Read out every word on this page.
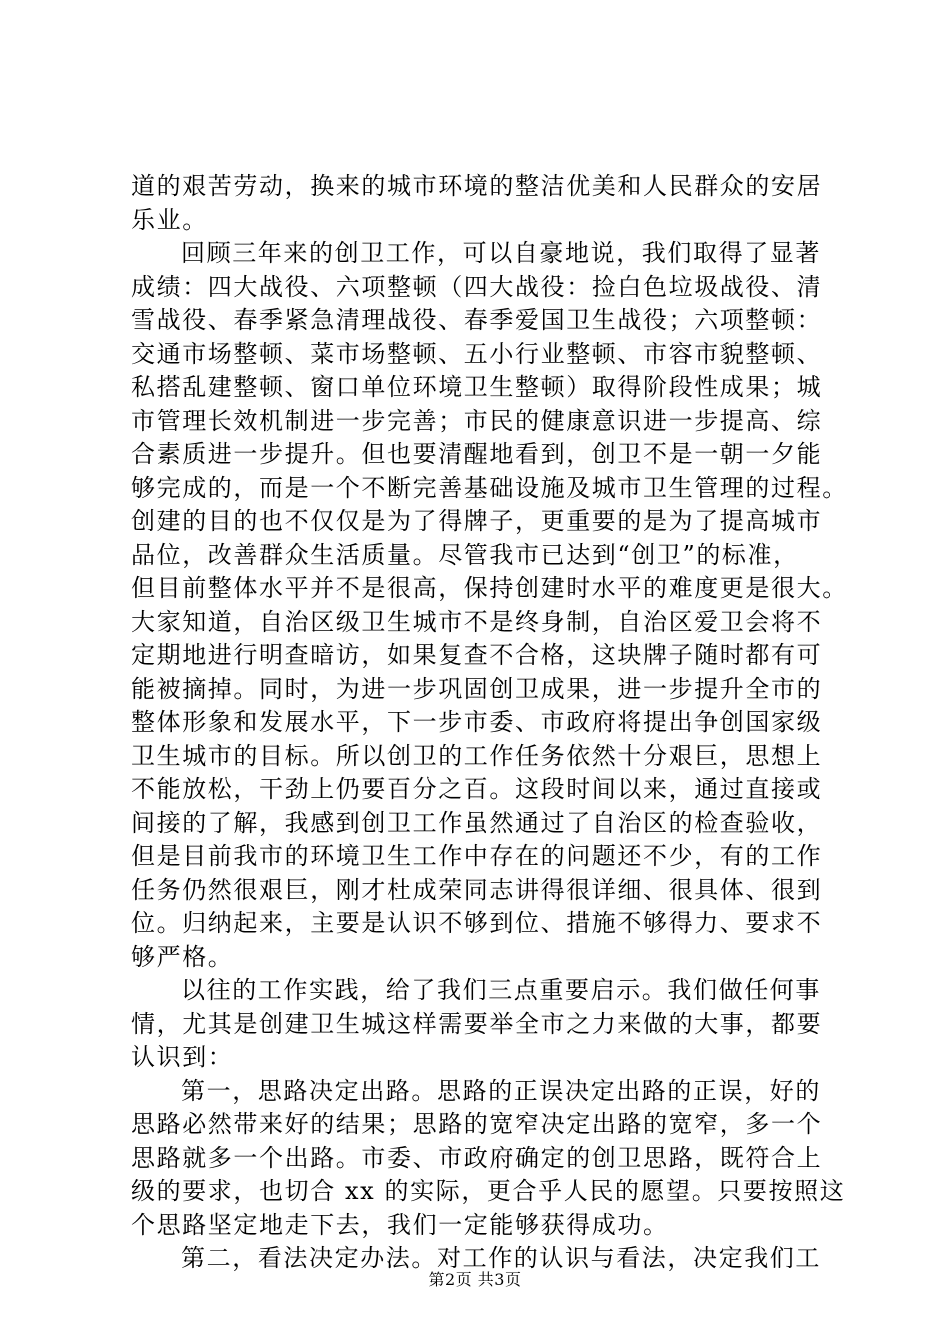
道的艰苦劳动，换来的城市环境的整洁优美和人民群众的安居
乐业。
回顾三年来的创卫工作，可以自豪地说，我们取得了显著
成绩：四大战役、六项整顿（四大战役：捡白色垃圾战役、清
雪战役、春季紧急清理战役、春季爱国卫生战役；六项整顿：
交通市场整顿、菜市场整顿、五小行业整顿、市容市貌整顿、
私搭乱建整顿、窗口单位环境卫生整顿）取得阶段性成果；城
市管理长效机制进一步完善；市民的健康意识进一步提高、综
合素质进一步提升。但也要清醒地看到，创卫不是一朝一夕能
够完成的，而是一个不断完善基础设施及城市卫生管理的过程。
创建的目的也不仅仅是为了得牌子，更重要的是为了提高城市
品位，改善群众生活质量。尽管我市已达到“创卫”的标准，
但目前整体水平并不是很高，保持创建时水平的难度更是很大。
大家知道，自治区级卫生城市不是终身制，自治区爱卫会将不
定期地进行明查暗访，如果复查不合格，这块牌子随时都有可
能被摘掉。同时，为进一步巩固创卫成果，进一步提升全市的
整体形象和发展水平，下一步市委、市政府将提出争创国家级
卫生城市的目标。所以创卫的工作任务依然十分艰巨，思想上
不能放松，干劲上仍要百分之百。这段时间以来，通过直接或
间接的了解，我感到创卫工作虽然通过了自治区的检查验收，
但是目前我市的环境卫生工作中存在的问题还不少，有的工作
任务仍然很艰巨，刚才杜成荣同志讲得很详细、很具体、很到
位。归纳起来，主要是认识不够到位、措施不够得力、要求不
够严格。
以往的工作实践，给了我们三点重要启示。我们做任何事
情，尤其是创建卫生城这样需要举全市之力来做的大事，都要
认识到：
第一，思路决定出路。思路的正误决定出路的正误，好的
思路必然带来好的结果；思路的宽窄决定出路的宽窄，多一个
思路就多一个出路。市委、市政府确定的创卫思路，既符合上
级的要求，也切合 xx 的实际，更合乎人民的愿望。只要按照这
个思路坚定地走下去，我们一定能够获得成功。
第二，看法决定办法。对工作的认识与看法，决定我们工
第2页 共3页
